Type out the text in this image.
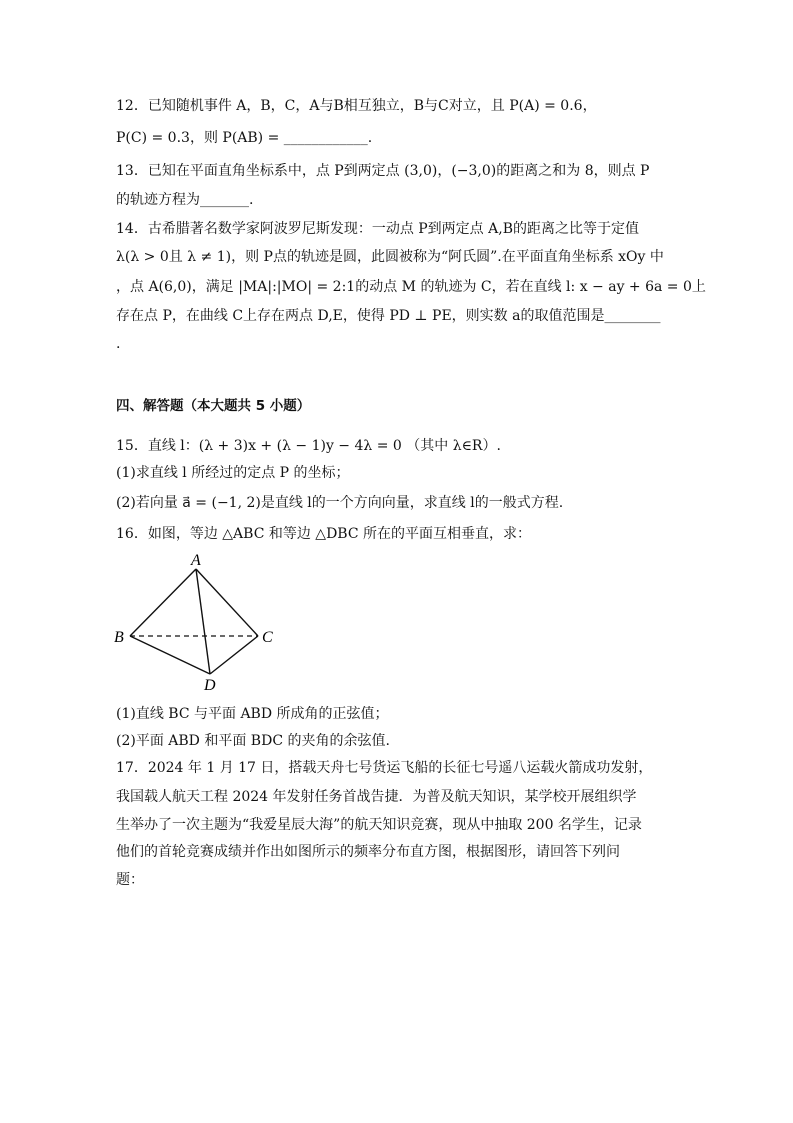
12．已知随机事件 A，B，C，A与B相互独立，B与C对立，且 P(A) = 0.6，
P(C) = 0.3，则 P(AB) = ____________.
13．已知在平面直角坐标系中，点 P到两定点 (3,0)，(−3,0)的距离之和为 8，则点 P
的轨迹方程为_______.
14．古希腊著名数学家阿波罗尼斯发现：一动点 P到两定点 A,B的距离之比等于定值
λ(λ > 0且 λ ≠ 1)，则 P点的轨迹是圆，此圆被称为“阿氏圆”.在平面直角坐标系 xOy 中
，点 A(6,0)，满足 |MA|:|MO| = 2:1的动点 M 的轨迹为 C，若在直线 l: x − ay + 6a = 0上
存在点 P，在曲线 C上存在两点 D,E，使得 PD ⊥ PE，则实数 a的取值范围是________
.
四、解答题（本大题共 5 小题）
15．直线 l：(λ + 3)x + (λ − 1)y − 4λ = 0 （其中 λ∈R）.
(1)求直线 l 所经过的定点 P 的坐标；
(2)若向量 a⃗ = (−1, 2)是直线 l的一个方向向量，求直线 l的一般式方程.
16．如图，等边 △ABC 和等边 △DBC 所在的平面互相垂直，求：
A
B	C
D
(1)直线 BC 与平面 ABD 所成角的正弦值；
(2)平面 ABD 和平面 BDC 的夹角的余弦值.
17．2024 年 1 月 17 日，搭载天舟七号货运飞船的长征七号遥八运载火箭成功发射，
我国载人航天工程 2024 年发射任务首战告捷．为普及航天知识，某学校开展组织学
生举办了一次主题为“我爱星辰大海”的航天知识竞赛，现从中抽取 200 名学生，记录
他们的首轮竞赛成绩并作出如图所示的频率分布直方图，根据图形，请回答下列问
题：
